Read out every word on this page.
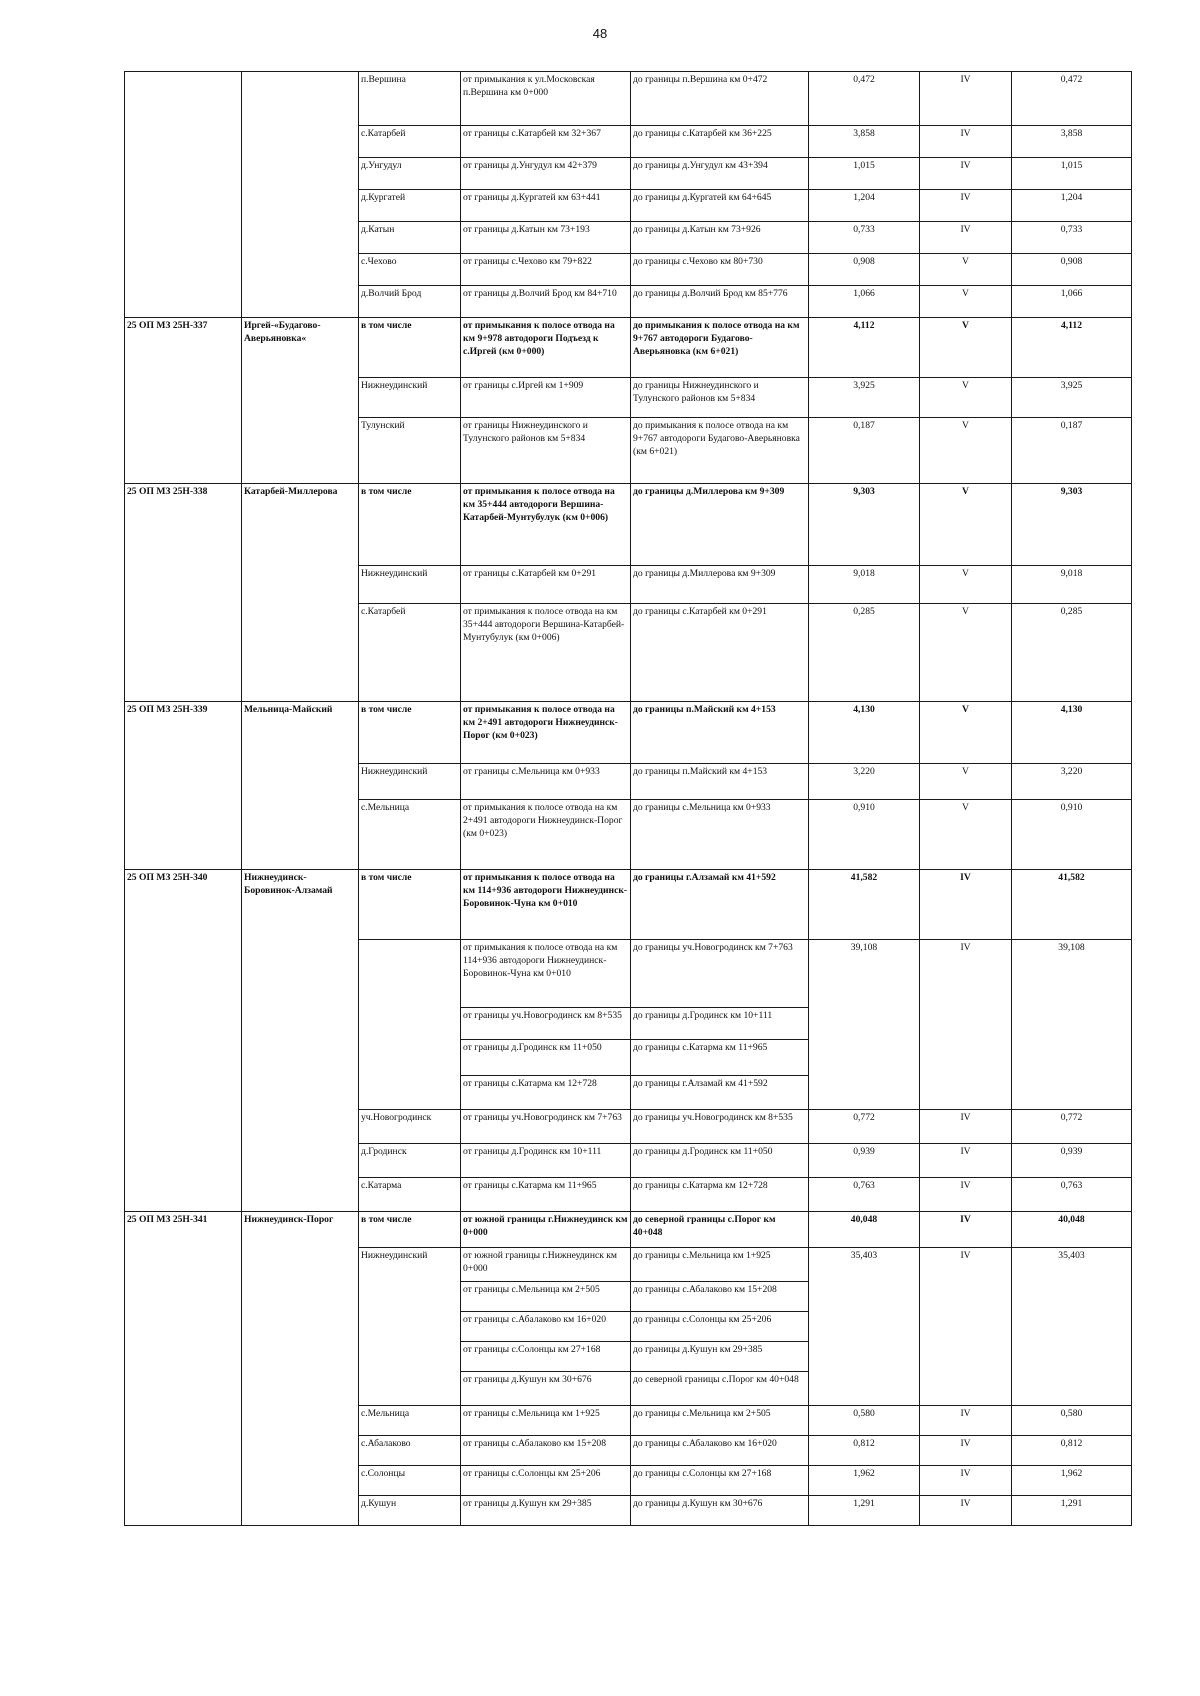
48
		п.Вершина	от примыкания к ул.Московская п.Вершина км 0+000	до границы п.Вершина км 0+472	0,472	IV	0,472
		с.Катарбей	от границы с.Катарбей км 32+367	до границы с.Катарбей км 36+225	3,858	IV	3,858
		д.Унгудул	от границы д.Унгудул км 42+379	до границы д.Унгудул км 43+394	1,015	IV	1,015
		д.Кургатей	от границы д.Кургатей км 63+441	до границы д.Кургатей км 64+645	1,204	IV	1,204
		д.Катын	от границы д.Катын км 73+193	до границы д.Катын км 73+926	0,733	IV	0,733
		с.Чехово	от границы с.Чехово км 79+822	до границы с.Чехово км 80+730	0,908	V	0,908
		д.Волчий Брод	от границы д.Волчий Брод км 84+710	до границы д.Волчий Брод км 85+776	1,066	V	1,066
25 ОП МЗ 25Н-337	Иргей-«Будагово-Аверьяновка«	в том числе	от примыкания к полосе отвода на км 9+978 автодороги Подъезд к с.Иргей (км 0+000)	до примыкания к полосе отвода на км 9+767 автодороги Будагово-Аверьяновка (км 6+021)	4,112	V	4,112
		Нижнеудинский	от границы с.Иргей км 1+909	до границы Нижнеудинского и Тулунского районов км 5+834	3,925	V	3,925
		Тулунский	от границы Нижнеудинского и Тулунского районов км 5+834	до примыкания к полосе отвода на км 9+767 автодороги Будагово-Аверьяновка (км 6+021)	0,187	V	0,187
25 ОП МЗ 25Н-338	Катарбей-Миллерова	в том числе	от примыкания к полосе отвода на км 35+444 автодороги Вершина-Катарбей-Мунтубулук (км 0+006)	до границы д.Миллерова км 9+309	9,303	V	9,303
		Нижнеудинский	от границы с.Катарбей км 0+291	до границы д.Миллерова км 9+309	9,018	V	9,018
		с.Катарбей	от примыкания к полосе отвода на км 35+444 автодороги Вершина-Катарбей-Мунтубулук (км 0+006)	до границы с.Катарбей км 0+291	0,285	V	0,285
25 ОП МЗ 25Н-339	Мельница-Майский	в том числе	от примыкания к полосе отвода на км 2+491 автодороги Нижнеудинск-Порог (км 0+023)	до границы п.Майский км 4+153	4,130	V	4,130
		Нижнеудинский	от границы с.Мельница км 0+933	до границы п.Майский км 4+153	3,220	V	3,220
		с.Мельница	от примыкания к полосе отвода на км 2+491 автодороги Нижнеудинск-Порог (км 0+023)	до границы с.Мельница км 0+933	0,910	V	0,910
25 ОП МЗ 25Н-340	Нижнеудинск-Боровинок-Алзамай	в том числе	от примыкания к полосе отвода на км 114+936 автодороги Нижнеудинск-Боровинок-Чуна км 0+010	до границы г.Алзамай км 41+592	41,582	IV	41,582
			от примыкания к полосе отвода на км 114+936 автодороги Нижнеудинск-Боровинок-Чуна км 0+010	до границы уч.Новогродинск км 7+763	39,108	IV	39,108
			от границы уч.Новогродинск км 8+535	до границы д.Гродинск км 10+111			
			от границы д.Гродинск км 11+050	до границы с.Катарма км 11+965			
			от границы с.Катарма км 12+728	до границы г.Алзамай км 41+592			
		уч.Новогродинск	от границы уч.Новогродинск км 7+763	до границы уч.Новогродинск км 8+535	0,772	IV	0,772
		д.Гродинск	от границы д.Гродинск км 10+111	до границы д.Гродинск км 11+050	0,939	IV	0,939
		с.Катарма	от границы с.Катарма км 11+965	до границы с.Катарма км 12+728	0,763	IV	0,763
25 ОП МЗ 25Н-341	Нижнеудинск-Порог	в том числе	от южной границы г.Нижнеудинск км 0+000	до северной границы с.Порог км 40+048	40,048	IV	40,048
		Нижнеудинский	от южной границы г.Нижнеудинск км 0+000	до границы с.Мельница км 1+925	35,403	IV	35,403
			от границы с.Мельница км 2+505	до границы с.Абалаково км 15+208			
			от границы с.Абалаково км 16+020	до границы с.Солонцы км 25+206			
			от границы с.Солонцы км 27+168	до границы д.Кушун км 29+385			
			от границы д.Кушун км 30+676	до северной границы с.Порог км 40+048			
		с.Мельница	от границы с.Мельница км 1+925	до границы с.Мельница км 2+505	0,580	IV	0,580
		с.Абалаково	от границы с.Абалаково км 15+208	до границы с.Абалаково км 16+020	0,812	IV	0,812
		с.Солонцы	от границы с.Солонцы км 25+206	до границы с.Солонцы км 27+168	1,962	IV	1,962
		д.Кушун	от границы д.Кушун км 29+385	до границы д.Кушун км 30+676	1,291	IV	1,291
